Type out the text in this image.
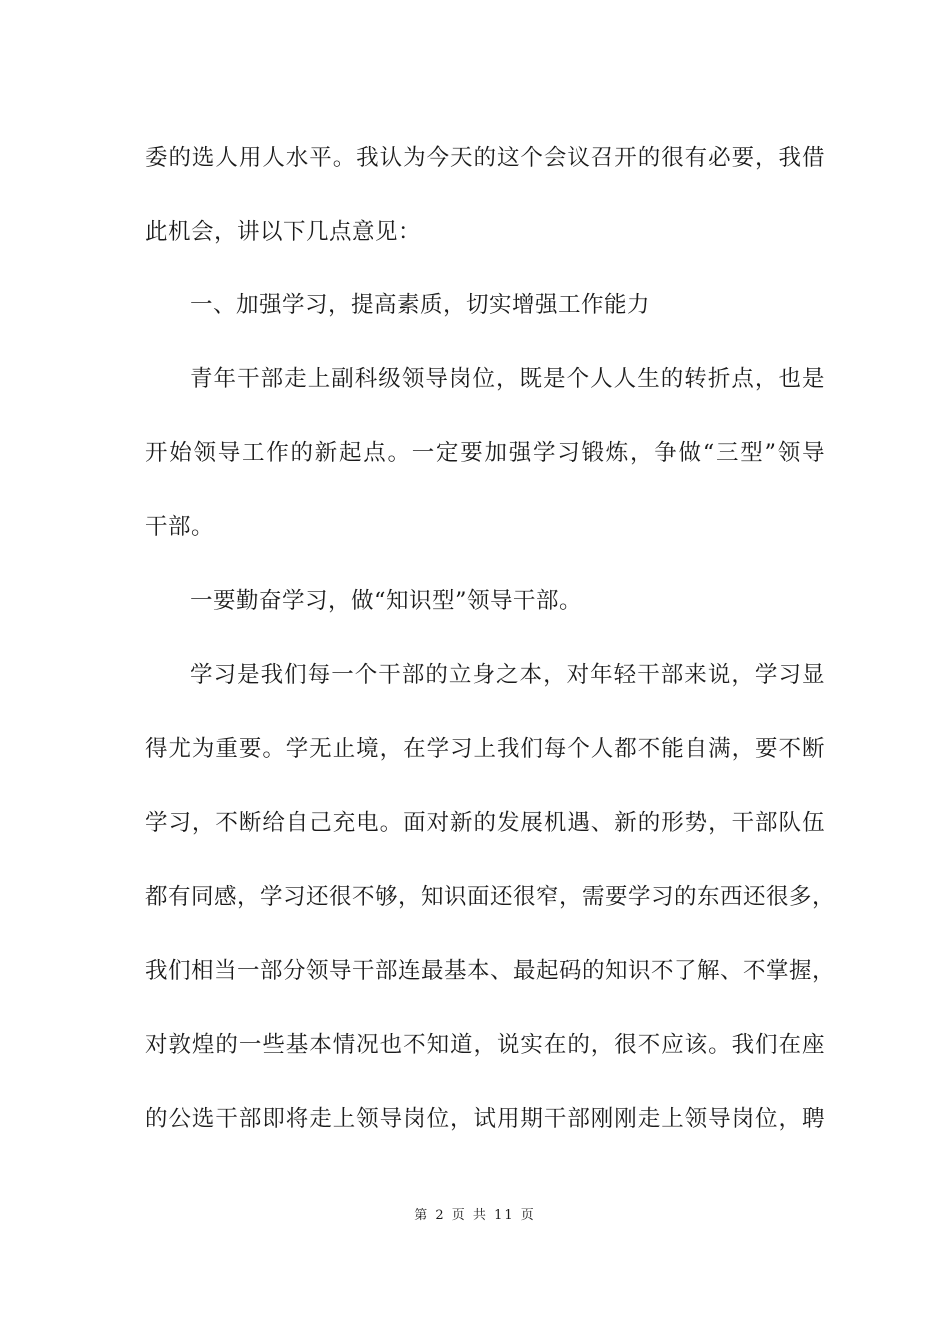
委的选人用人水平。我认为今天的这个会议召开的很有必要，我借
此机会，讲以下几点意见：
一、加强学习，提高素质，切实增强工作能力
青年干部走上副科级领导岗位，既是个人人生的转折点，也是
开始领导工作的新起点。一定要加强学习锻炼，争做“三型”领导
干部。
一要勤奋学习，做“知识型”领导干部。
学习是我们每一个干部的立身之本，对年轻干部来说，学习显
得尤为重要。学无止境，在学习上我们每个人都不能自满，要不断
学习，不断给自己充电。面对新的发展机遇、新的形势，干部队伍
都有同感，学习还很不够，知识面还很窄，需要学习的东西还很多，
我们相当一部分领导干部连最基本、最起码的知识不了解、不掌握，
对敦煌的一些基本情况也不知道，说实在的，很不应该。我们在座
的公选干部即将走上领导岗位，试用期干部刚刚走上领导岗位，聘
第 2 页 共 11 页
